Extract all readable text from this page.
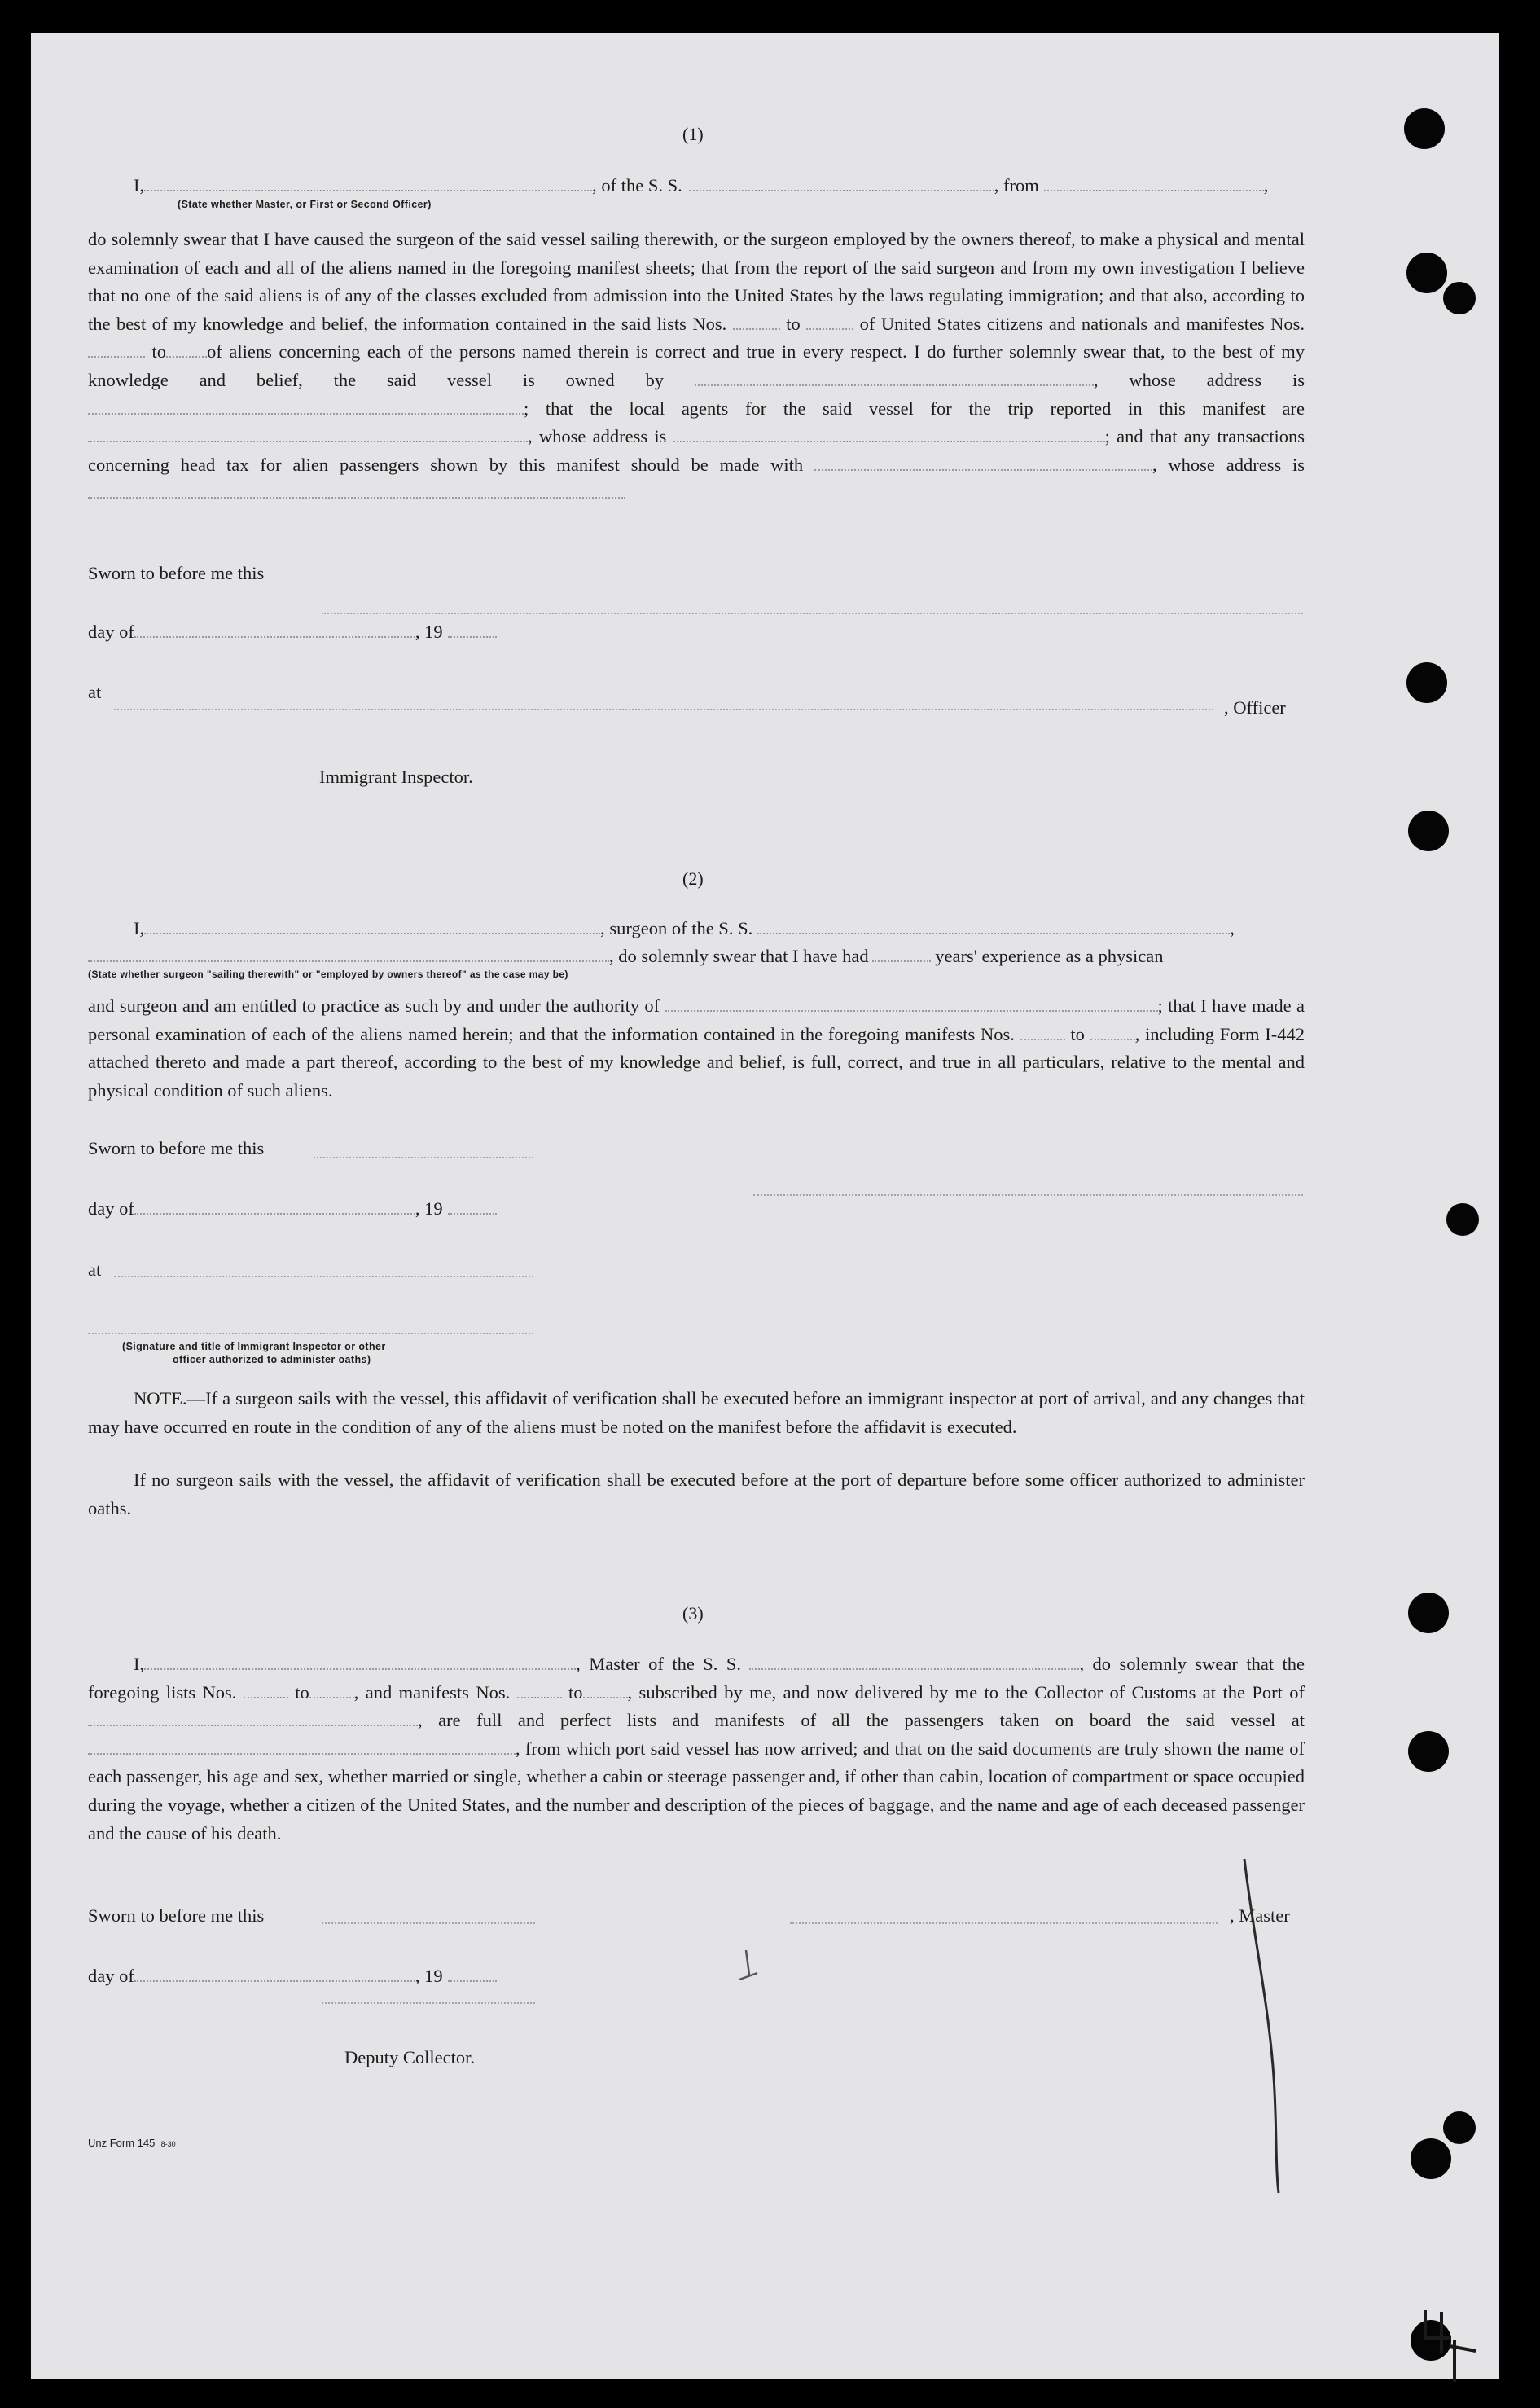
(1)
I,	, of the S. S.	, from	,
(State whether Master, or First or Second Officer)

do solemnly swear that I have caused the surgeon of the said vessel sailing therewith, or the surgeon employed by the owners thereof, to make a physical and mental examination of each and all of the aliens named in the foregoing manifest sheets; that from the report of the said surgeon and from my own investigation I believe that no one of the said aliens is of any of the classes excluded from admission into the United States by the laws regulating immigration; and that also, according to the best of my knowledge and belief, the information contained in the said lists Nos.	to	of United States citizens and nationals and manifestes Nos.  to of aliens concerning each of the persons named therein is correct and true in every respect. I do further solemnly swear that, to the best of my knowledge and belief, the said vessel is owned by	, whose address is ; that the local agents for the said vessel for the trip reported in this manifest are , whose address is	; and that any transactions concerning head tax for alien passengers shown by this manifest should be made with	, whose address is

Sworn to before me this
day of	, 19
at
, Officer
Immigrant Inspector.
(2)
I,	, surgeon of the S. S.	,
, do solemnly swear that I have had	years' experience as a physican
(State whether surgeon "sailing therewith" or "employed by owners thereof" as the case may be)

and surgeon and am entitled to practice as such by and under the authority of	; that I have made a personal examination of each of the aliens named herein; and that the information contained in the foregoing manifests Nos.	to	, including Form I-442 attached thereto and made a part thereof, according to the best of my knowledge and belief, is full, correct, and true in all particulars, relative to the mental and physical condition of such aliens.

Sworn to before me this
day of	, 19
at
(Signature and title of Immigrant Inspector or other
officer authorized to administer oaths)

NOTE.—If a surgeon sails with the vessel, this affidavit of verification shall be executed before an immigrant inspector at port of arrival, and any changes that may have occurred en route in the condition of any of the aliens must be noted on the manifest before the affidavit is executed.

If no surgeon sails with the vessel, the affidavit of verification shall be executed before at the port of departure before some officer authorized to administer oaths.

(3)

I,	, Master of the S. S.	, do solemnly swear that the foregoing lists Nos.	to , and manifests Nos.	to , subscribed by me, and now delivered by me to the Collector of Customs at the Port of , are full and perfect lists and manifests of all the passengers taken on board the said vessel at , from which port said vessel has now arrived; and that on the said documents are truly shown the name of each passenger, his age and sex, whether married or single, whether a cabin or steerage passenger and, if other than cabin, location of compartment or space occupied during the voyage, whether a citizen of the United States, and the number and description of the pieces of baggage, and the name and age of each deceased passenger and the cause of his death.

Sworn to before me this	, Master
day of	, 19
Deputy Collector.
Unz Form 145 8-30
